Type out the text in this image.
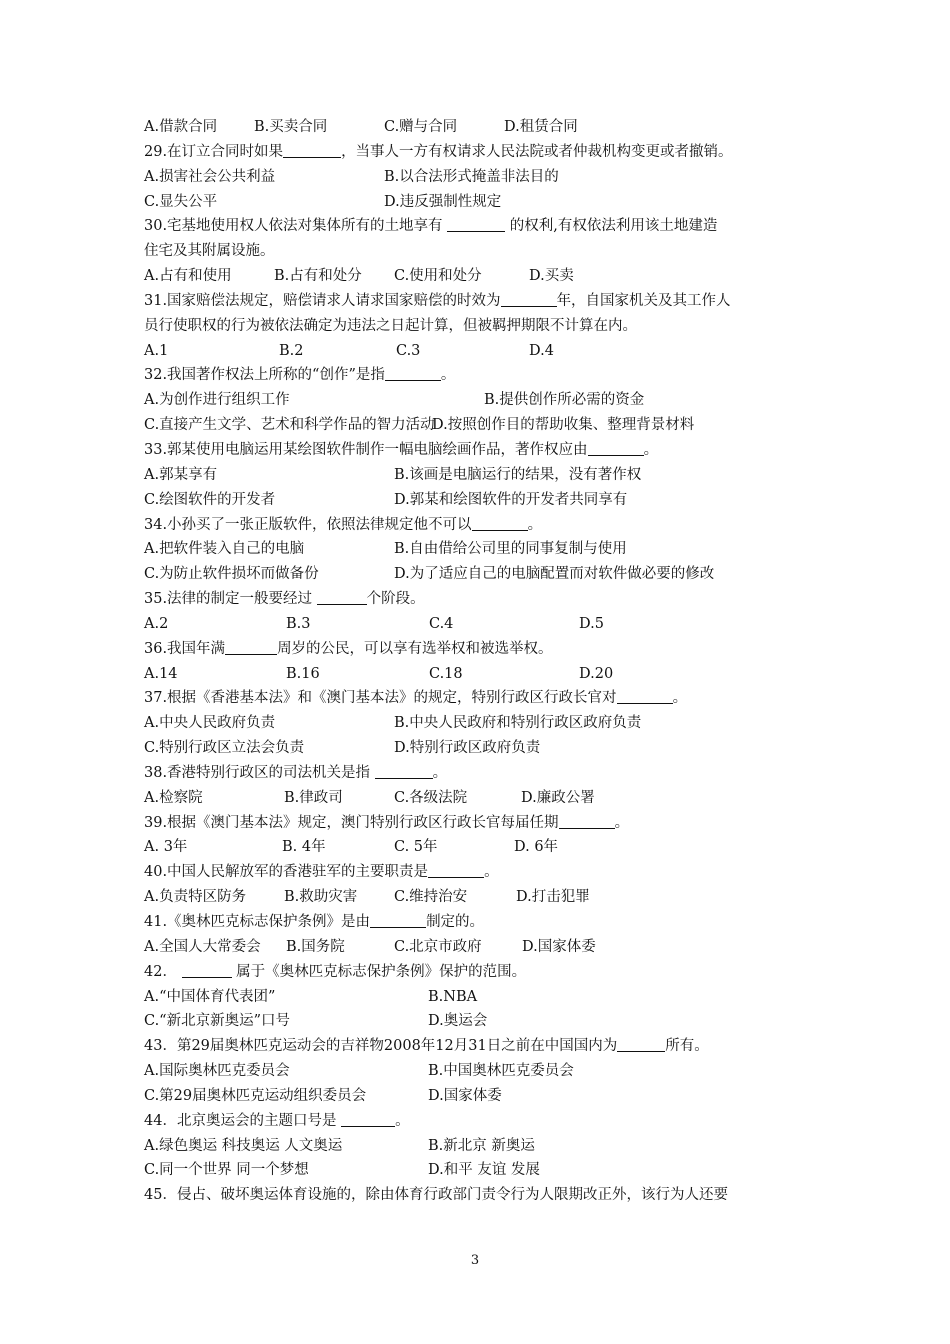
A.借款合同	B.买卖合同	C.赠与合同	D.租赁合同
29.在订立合同时如果	，当事人一方有权请求人民法院或者仲裁机构变更或者撤销。
A.损害社会公共利益	B.以合法形式掩盖非法目的
C.显失公平	D.违反强制性规定
30.宅基地使用权人依法对集体所有的土地享有	的权利,有权依法利用该土地建造
住宅及其附属设施。
A.占有和使用	B.占有和处分 C.使用和处分	D.买卖
31.国家赔偿法规定，赔偿请求人请求国家赔偿的时效为	年，自国家机关及其工作人
员行使职权的行为被依法确定为违法之日起计算，但被羁押期限不计算在内。
A.1	B.2	C.3	D.4
32.我国著作权法上所称的“创作”是指	。
A.为创作进行组织工作	B.提供创作所必需的资金
C.直接产生文学、艺术和科学作品的智力活动
D.按照创作目的帮助收集、整理背景材料
33.郭某使用电脑运用某绘图软件制作一幅电脑绘画作品，著作权应由	。
A.郭某享有	B.该画是电脑运行的结果，没有著作权
C.绘图软件的开发者	D.郭某和绘图软件的开发者共同享有
34.小孙买了一张正版软件，依照法律规定他不可以	。
A.把软件装入自己的电脑	B.自由借给公司里的同事复制与使用
C.为防止软件损坏而做备份	D.为了适应自己的电脑配置而对软件做必要的修改
35.法律的制定一般要经过	个阶段。
A.2	B.3	C.4	D.5
36.我国年满	周岁的公民，可以享有选举权和被选举权。
A.14	B.16	C.18	D.20
37.根据《香港基本法》和《澳门基本法》的规定，特别行政区行政长官对	。
A.中央人民政府负责	B.中央人民政府和特别行政区政府负责
C.特别行政区立法会负责	D.特别行政区政府负责
38.香港特别行政区的司法机关是指	。
A.检察院	B.律政司	C.各级法院	D.廉政公署
39.根据《澳门基本法》规定，澳门特别行政区行政长官每届任期	。
A. 3年	B. 4年	C. 5年	D. 6年
40.中国人民解放军的香港驻军的主要职责是	。
A.负责特区防务	B.救助灾害	C.维持治安	D.打击犯罪
41.《奥林匹克标志保护条例》是由	制定的。
A.全国人大常委会 B.国务院	C.北京市政府	D.国家体委
42．	属于《奥林匹克标志保护条例》保护的范围。
A.“中国体育代表团”	B.NBA
C.“新北京新奥运”口号	D.奥运会
43．第29届奥林匹克运动会的吉祥物2008年12月31日之前在中国国内为	所有。
A.国际奥林匹克委员会	B.中国奥林匹克委员会
C.第29届奥林匹克运动组织委员会	D.国家体委
44．北京奥运会的主题口号是	。
A.绿色奥运 科技奥运 人文奥运	B.新北京 新奥运
C.同一个世界 同一个梦想	D.和平 友谊 发展
45．侵占、破坏奥运体育设施的，除由体育行政部门责令行为人限期改正外，该行为人还要
3
